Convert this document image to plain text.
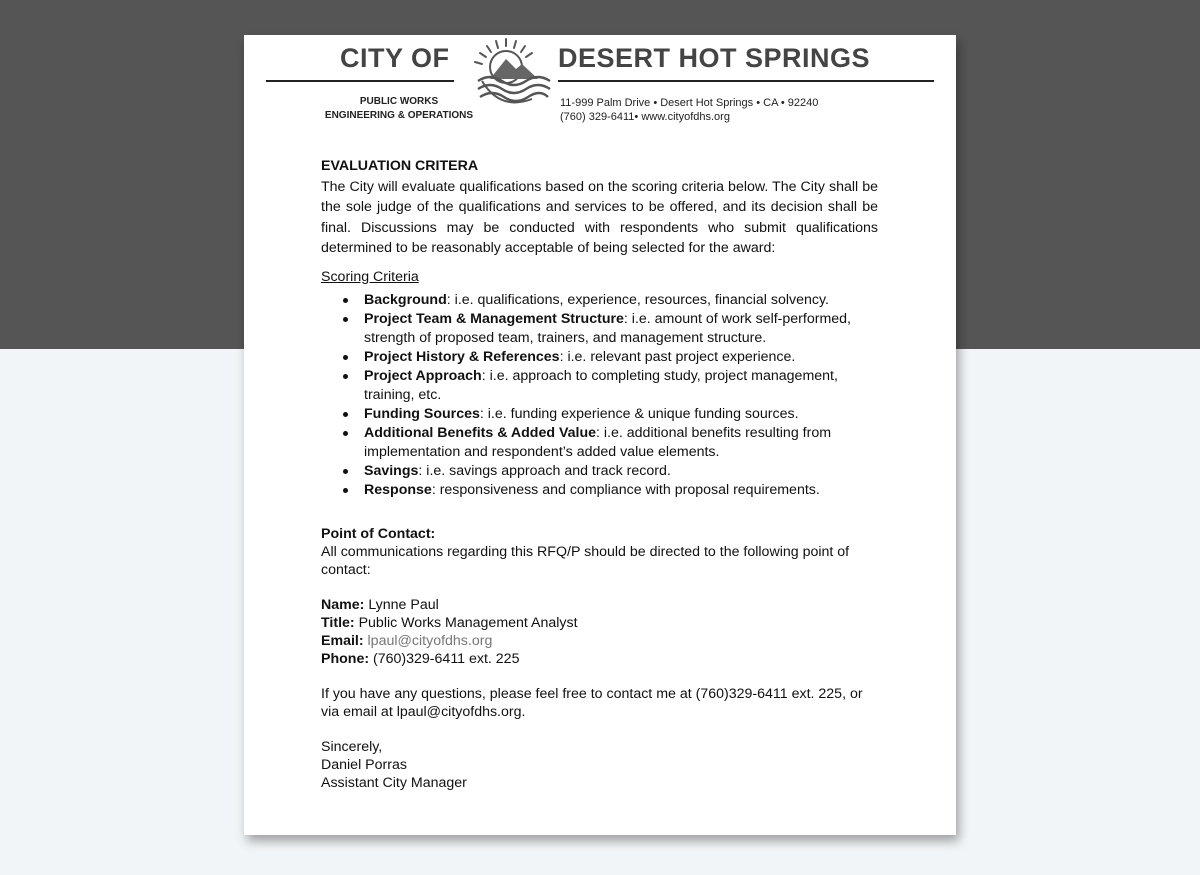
CITY OF	DESERT HOT SPRINGS
PUBLIC WORKS
ENGINEERING & OPERATIONS
11-999 Palm Drive • Desert Hot Springs • CA • 92240
(760) 329-6411• www.cityofdhs.org
EVALUATION CRITERA
The City will evaluate qualifications based on the scoring criteria below. The City shall be the sole judge of the qualifications and services to be offered, and its decision shall be final. Discussions may be conducted with respondents who submit qualifications determined to be reasonably acceptable of being selected for the award:
Scoring Criteria
Background: i.e. qualifications, experience, resources, financial solvency.
Project Team & Management Structure: i.e. amount of work self-performed, strength of proposed team, trainers, and management structure.
Project History & References: i.e. relevant past project experience.
Project Approach: i.e. approach to completing study, project management, training, etc.
Funding Sources: i.e. funding experience & unique funding sources.
Additional Benefits & Added Value: i.e. additional benefits resulting from implementation and respondent’s added value elements.
Savings: i.e. savings approach and track record.
Response: responsiveness and compliance with proposal requirements.
Point of Contact:
All communications regarding this RFQ/P should be directed to the following point of contact:
Name: Lynne Paul
Title: Public Works Management Analyst
Email: lpaul@cityofdhs.org
Phone: (760)329-6411 ext. 225
If you have any questions, please feel free to contact me at (760)329-6411 ext. 225, or via email at lpaul@cityofdhs.org.
Sincerely,
Daniel Porras
Assistant City Manager
